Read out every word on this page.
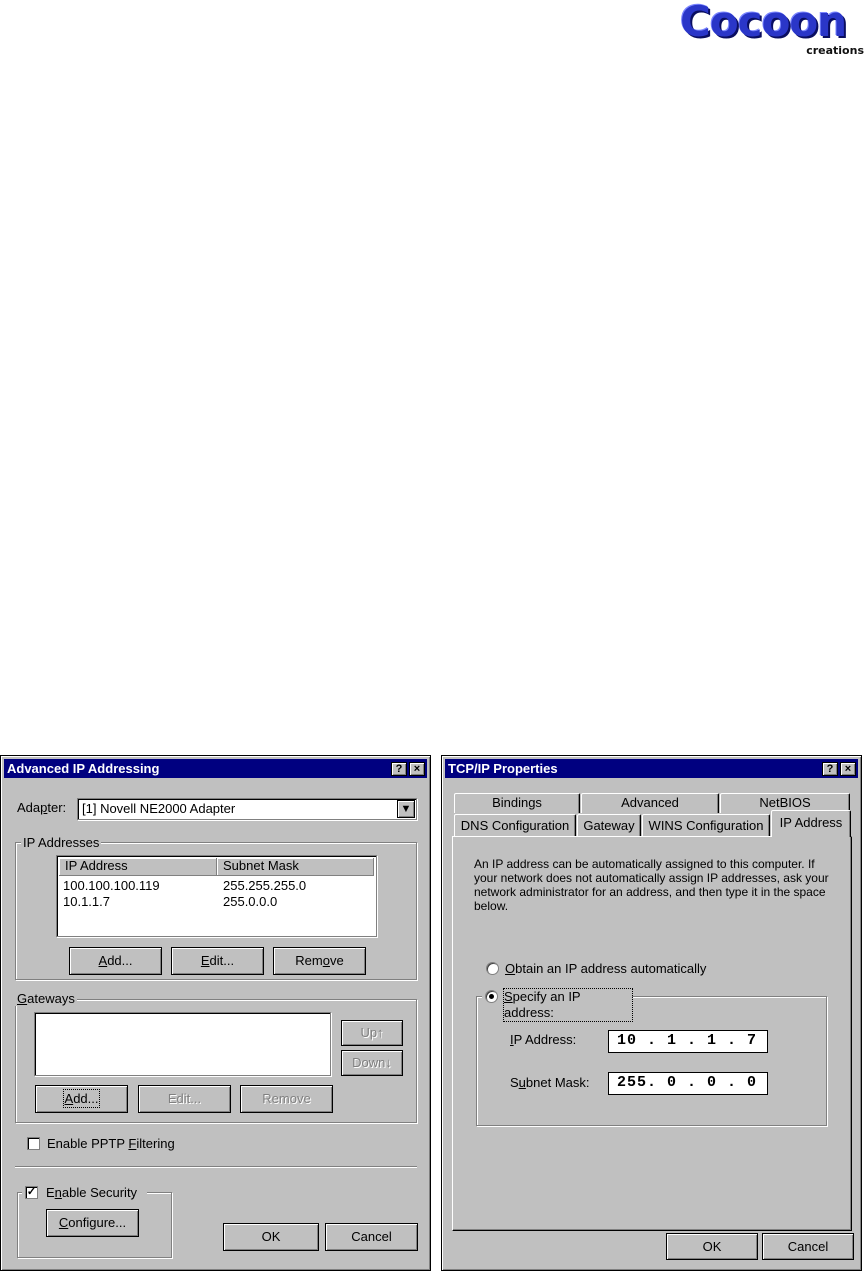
Cocoon
creations
Advanced IP Addressing	?	×
Adapter: [1] Novell NE2000 Adapter	▼
IP Addresses
IP Address	Subnet Mask
100.100.100.119	255.255.255.0
10.1.1.7	255.0.0.0
Add...	Edit...	Remove
Gateways
Up↑
Down↓
Add...	Edit...	Remove
Enable PPTP Filtering
✓ Enable Security
Configure...
OK	Cancel
TCP/IP Properties	?	×
Bindings	Advanced	NetBIOS
DNS Configuration	Gateway	WINS Configuration	IP Address
An IP address can be automatically assigned to this computer. If your network does not automatically assign IP addresses, ask your network administrator for an address, and then type it in the space below.
Obtain an IP address automatically
Specify an IP address:
IP Address:	10 . 1 . 1 . 7
Subnet Mask:	255. 0 . 0 . 0
OK	Cancel
